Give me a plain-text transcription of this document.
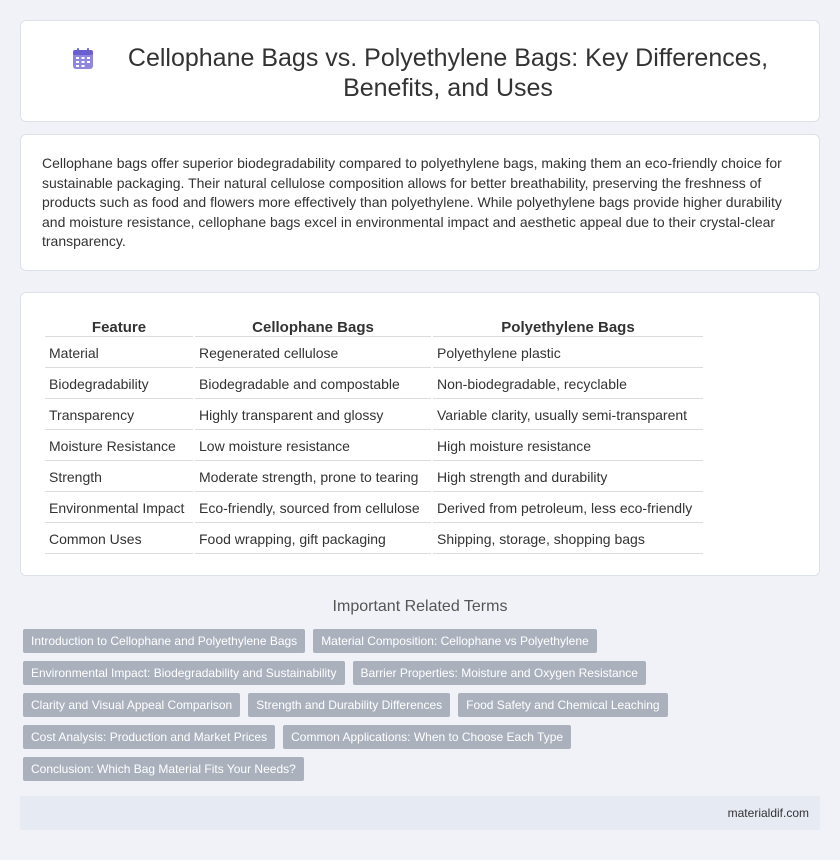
Cellophane Bags vs. Polyethylene Bags: Key Differences, Benefits, and Uses

Cellophane bags offer superior biodegradability compared to polyethylene bags, making them an eco-friendly choice for sustainable packaging. Their natural cellulose composition allows for better breathability, preserving the freshness of products such as food and flowers more effectively than polyethylene. While polyethylene bags provide higher durability and moisture resistance, cellophane bags excel in environmental impact and aesthetic appeal due to their crystal-clear transparency.

Feature	Cellophane Bags	Polyethylene Bags
Material	Regenerated cellulose	Polyethylene plastic
Biodegradability	Biodegradable and compostable	Non-biodegradable, recyclable
Transparency	Highly transparent and glossy	Variable clarity, usually semi-transparent
Moisture Resistance	Low moisture resistance	High moisture resistance
Strength	Moderate strength, prone to tearing	High strength and durability
Environmental Impact	Eco-friendly, sourced from cellulose	Derived from petroleum, less eco-friendly
Common Uses	Food wrapping, gift packaging	Shipping, storage, shopping bags
Important Related Terms
Introduction to Cellophane and Polyethylene Bags	Material Composition: Cellophane vs Polyethylene
Environmental Impact: Biodegradability and Sustainability	Barrier Properties: Moisture and Oxygen Resistance
Clarity and Visual Appeal Comparison	Strength and Durability Differences	Food Safety and Chemical Leaching
Cost Analysis: Production and Market Prices	Common Applications: When to Choose Each Type
Conclusion: Which Bag Material Fits Your Needs?
materialdif.com
